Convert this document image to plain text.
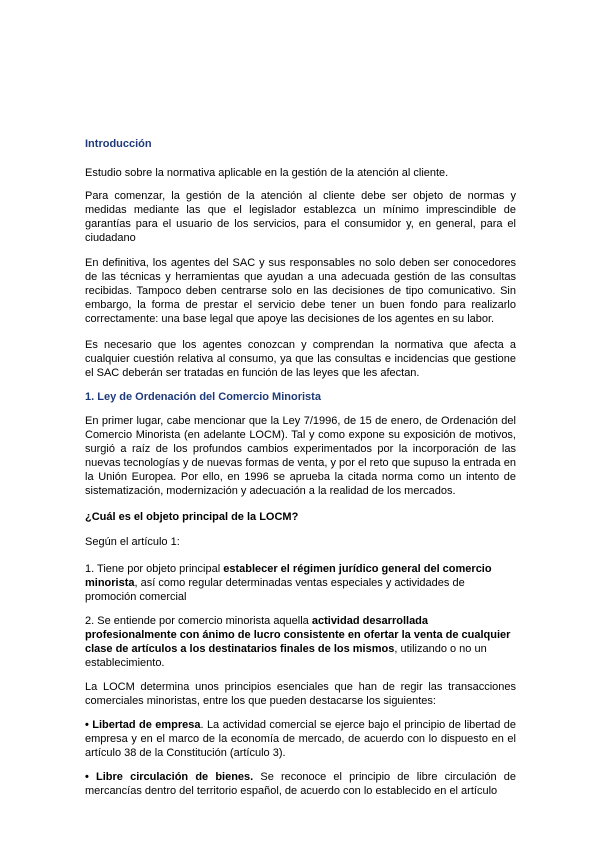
Introducción

Estudio sobre la normativa aplicable en la gestión de la atención al cliente.

Para comenzar, la gestión de la atención al cliente debe ser objeto de normas y medidas mediante las que el legislador establezca un mínimo imprescindible de garantías para el usuario de los servicios, para el consumidor y, en general, para el ciudadano

En definitiva, los agentes del SAC y sus responsables no solo deben ser conocedores de las técnicas y herramientas que ayudan a una adecuada gestión de las consultas recibidas. Tampoco deben centrarse solo en las decisiones de tipo comunicativo. Sin embargo, la forma de prestar el servicio debe tener un buen fondo para realizarlo correctamente: una base legal que apoye las decisiones de los agentes en su labor.

Es necesario que los agentes conozcan y comprendan la normativa que afecta a cualquier cuestión relativa al consumo, ya que las consultas e incidencias que gestione el SAC deberán ser tratadas en función de las leyes que les afectan.

1. Ley de Ordenación del Comercio Minorista

En primer lugar, cabe mencionar que la Ley 7/1996, de 15 de enero, de Ordenación del Comercio Minorista (en adelante LOCM). Tal y como expone su exposición de motivos, surgió a raíz de los profundos cambios experimentados por la incorporación de las nuevas tecnologías y de nuevas formas de venta, y por el reto que supuso la entrada en la Unión Europea. Por ello, en 1996 se aprueba la citada norma como un intento de sistematización, modernización y adecuación a la realidad de los mercados.

¿Cuál es el objeto principal de la LOCM?

Según el artículo 1:

1. Tiene por objeto principal establecer el régimen jurídico general del comercio minorista, así como regular determinadas ventas especiales y actividades de promoción comercial

2. Se entiende por comercio minorista aquella actividad desarrollada profesionalmente con ánimo de lucro consistente en ofertar la venta de cualquier clase de artículos a los destinatarios finales de los mismos, utilizando o no un establecimiento.

La LOCM determina unos principios esenciales que han de regir las transacciones comerciales minoristas, entre los que pueden destacarse los siguientes:

• Libertad de empresa. La actividad comercial se ejerce bajo el principio de libertad de empresa y en el marco de la economía de mercado, de acuerdo con lo dispuesto en el artículo 38 de la Constitución (artículo 3).

• Libre circulación de bienes. Se reconoce el principio de libre circulación de mercancías dentro del territorio español, de acuerdo con lo establecido en el artículo
